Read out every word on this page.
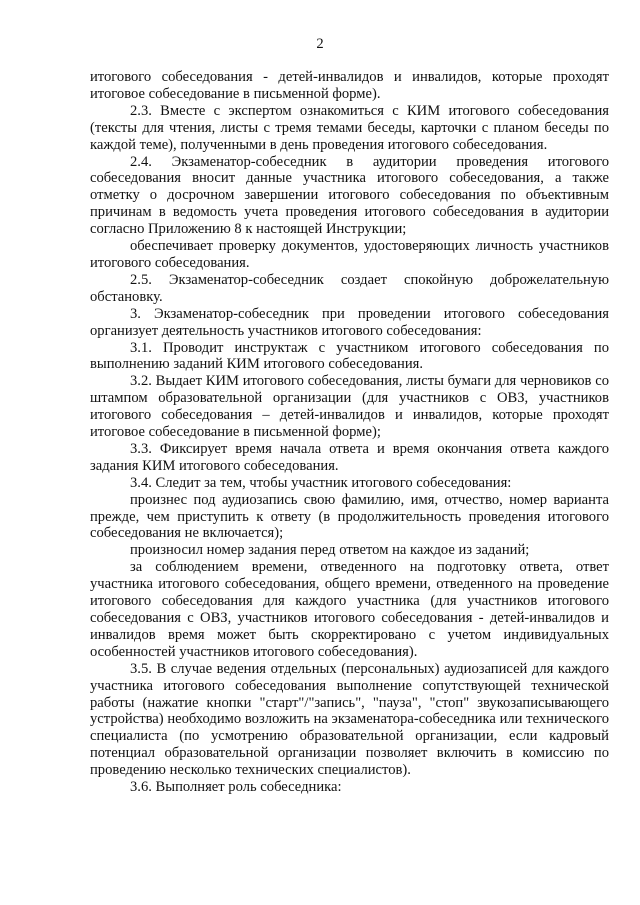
2

итогового собеседования - детей-инвалидов и инвалидов, которые проходят итоговое собеседование в письменной форме).

2.3. Вместе с экспертом ознакомиться с КИМ итогового собеседования (тексты для чтения, листы с тремя темами беседы, карточки с планом беседы по каждой теме), полученными в день проведения итогового собеседования.

2.4. Экзаменатор-собеседник в аудитории проведения итогового собеседования вносит данные участника итогового собеседования, а также отметку о досрочном завершении итогового собеседования по объективным причинам в ведомость учета проведения итогового собеседования в аудитории согласно Приложению 8 к настоящей Инструкции;

обеспечивает проверку документов, удостоверяющих личность участников итогового собеседования.

2.5. Экзаменатор-собеседник создает спокойную доброжелательную обстановку.

3. Экзаменатор-собеседник при проведении итогового собеседования организует деятельность участников итогового собеседования:

3.1. Проводит инструктаж с участником итогового собеседования по выполнению заданий КИМ итогового собеседования.

3.2. Выдает КИМ итогового собеседования, листы бумаги для черновиков со штампом образовательной организации (для участников с ОВЗ, участников итогового собеседования – детей-инвалидов и инвалидов, которые проходят итоговое собеседование в письменной форме);

3.3. Фиксирует время начала ответа и время окончания ответа каждого задания КИМ итогового собеседования.

3.4. Следит за тем, чтобы участник итогового собеседования:

произнес под аудиозапись свою фамилию, имя, отчество, номер варианта прежде, чем приступить к ответу (в продолжительность проведения итогового собеседования не включается);

произносил номер задания перед ответом на каждое из заданий;

за соблюдением времени, отведенного на подготовку ответа, ответ участника итогового собеседования, общего времени, отведенного на проведение итогового собеседования для каждого участника (для участников итогового собеседования с ОВЗ, участников итогового собеседования - детей-инвалидов и инвалидов время может быть скорректировано с учетом индивидуальных особенностей участников итогового собеседования).

3.5. В случае ведения отдельных (персональных) аудиозаписей для каждого участника итогового собеседования выполнение сопутствующей технической работы (нажатие кнопки "старт"/"запись", "пауза", "стоп" звукозаписывающего устройства) необходимо возложить на экзаменатора-собеседника или технического специалиста (по усмотрению образовательной организации, если кадровый потенциал образовательной организации позволяет включить в комиссию по проведению несколько технических специалистов).

3.6. Выполняет роль собеседника:
